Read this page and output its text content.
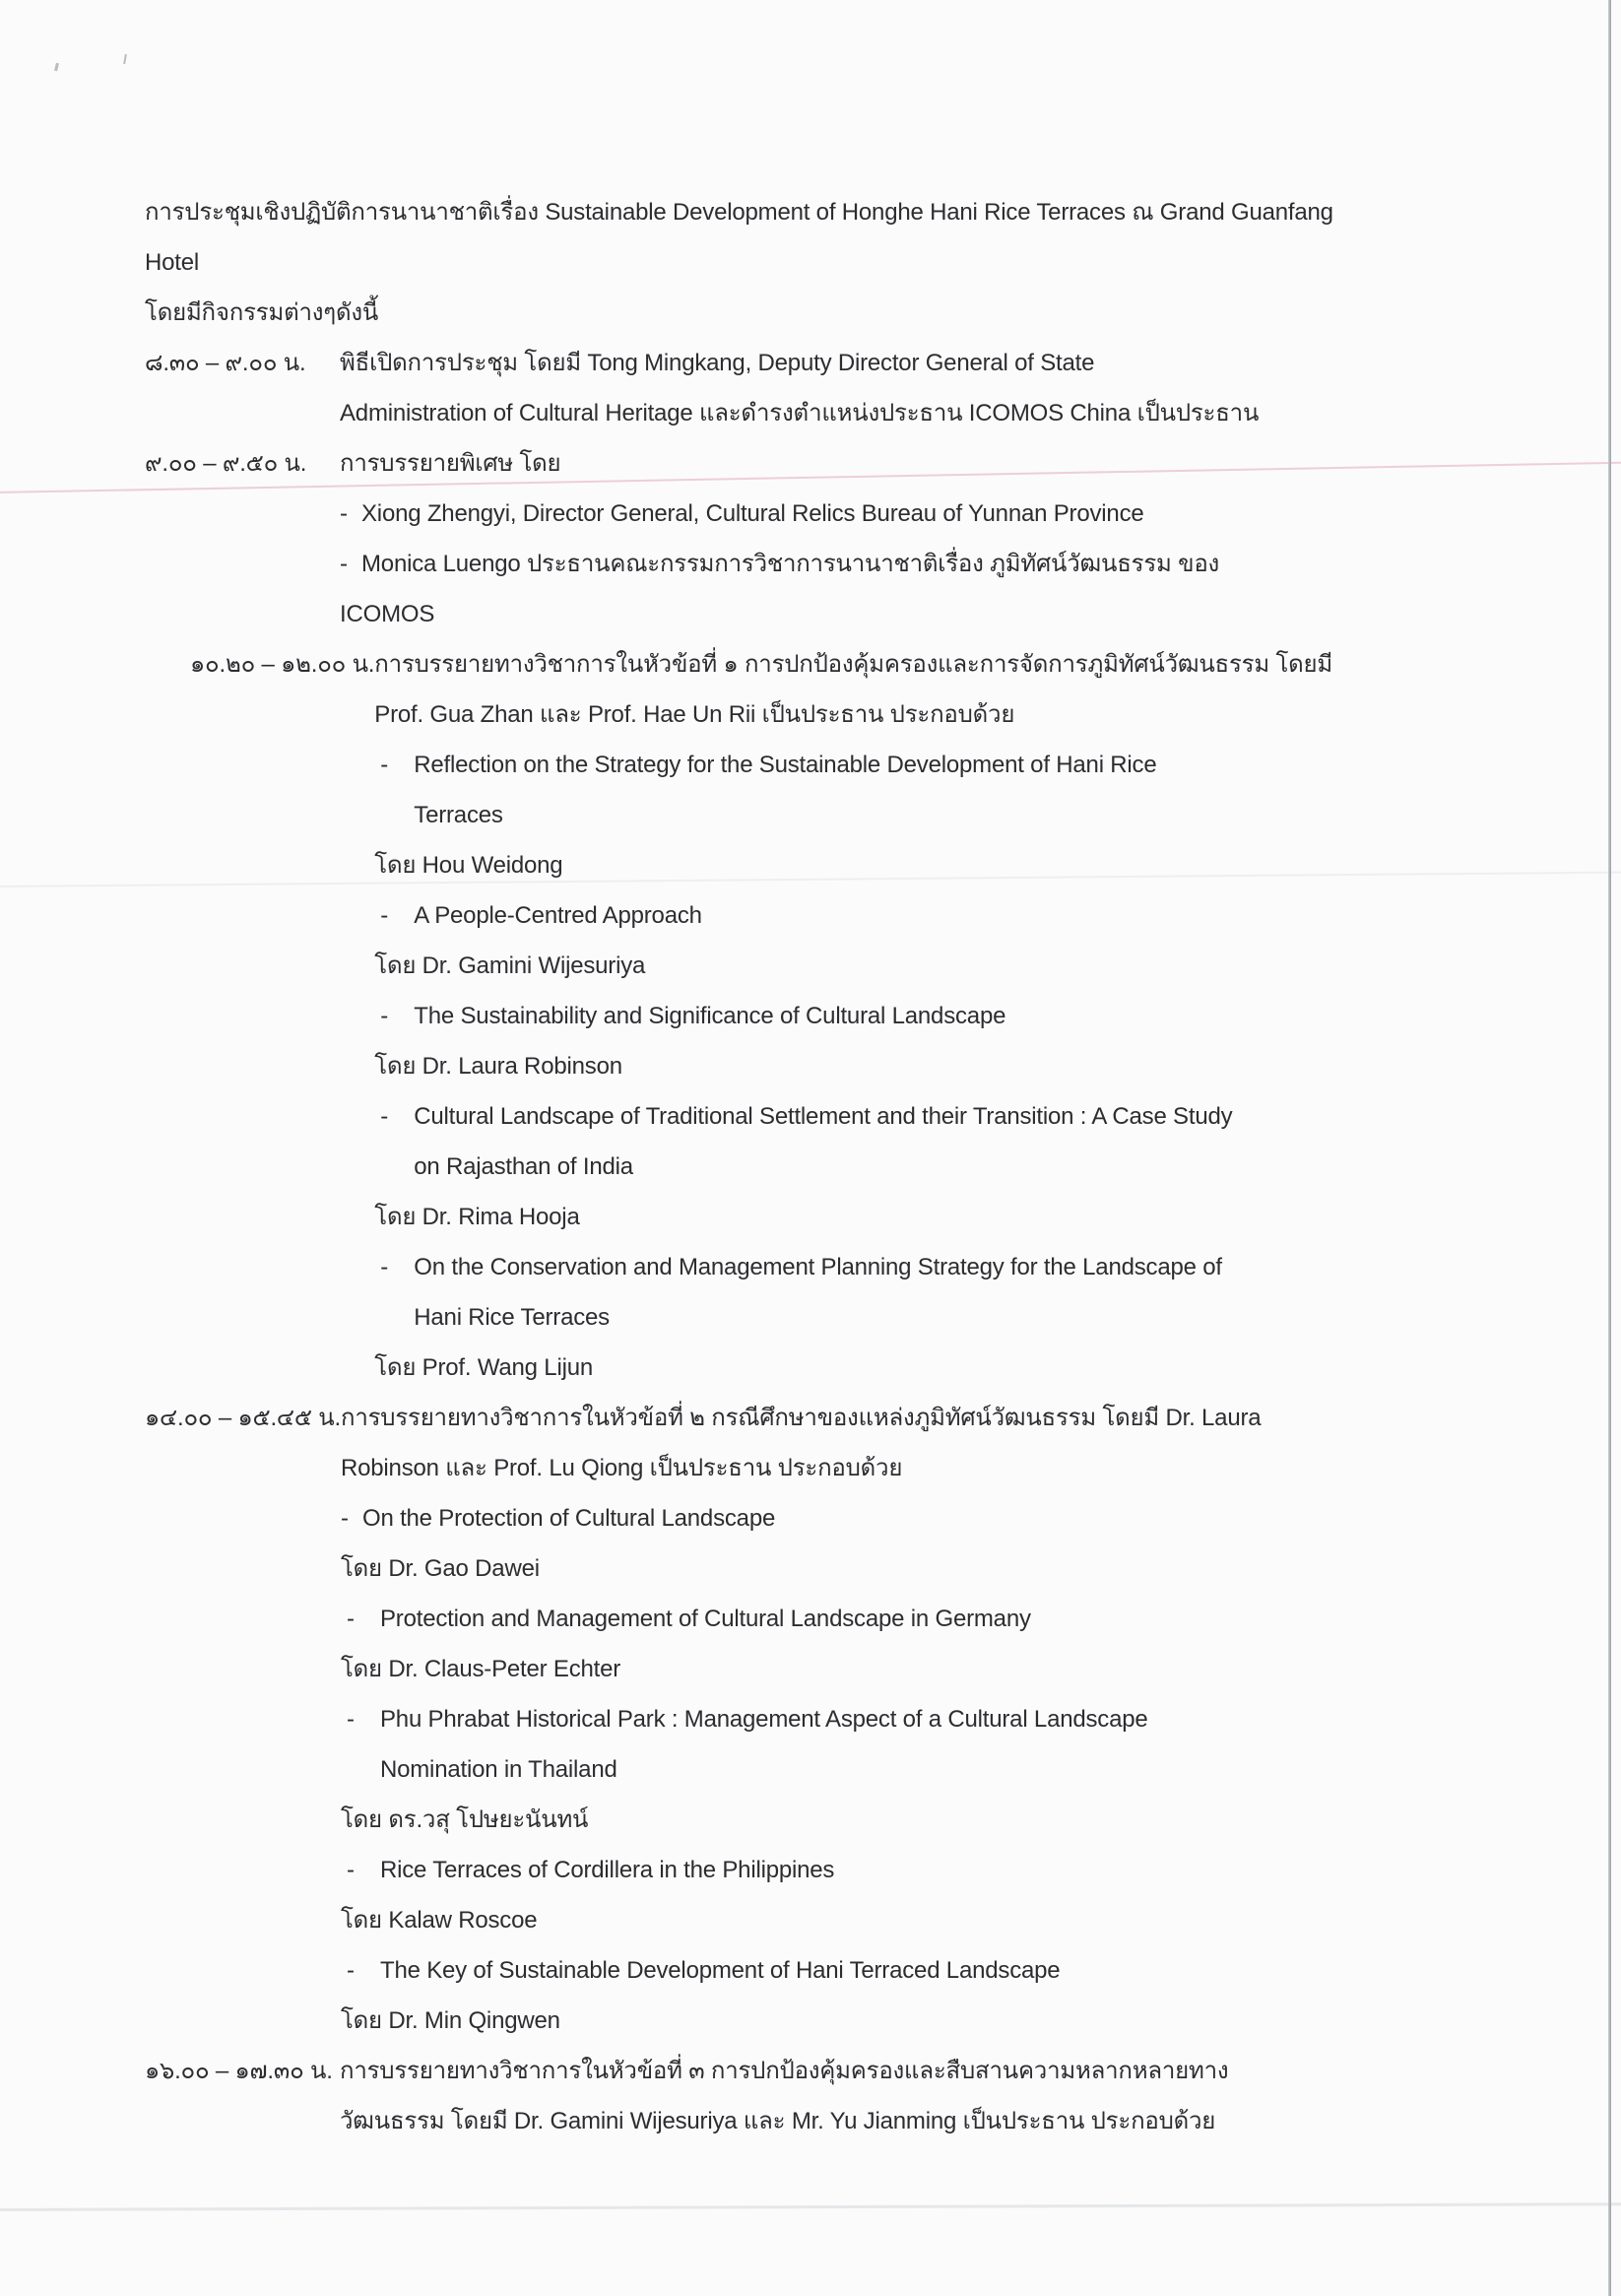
การประชุมเชิงปฏิบัติการนานาชาติเรื่อง Sustainable Development of Honghe Hani Rice Terraces ณ Grand Guanfang
Hotel
โดยมีกิจกรรมต่างๆดังนี้
๘.๓๐ – ๙.๐๐ น.	พิธีเปิดการประชุม โดยมี Tong Mingkang, Deputy Director General of State
Administration of Cultural Heritage และดำรงตำแหน่งประธาน ICOMOS China เป็นประธาน
๙.๐๐ – ๙.๕๐ น.	การบรรยายพิเศษ โดย
- Xiong Zhengyi, Director General, Cultural Relics Bureau of Yunnan Province
- Monica Luengo ประธานคณะกรรมการวิชาการนานาชาติเรื่อง ภูมิทัศน์วัฒนธรรม ของ
ICOMOS
๑๐.๒๐ – ๑๒.๐๐ น. การบรรยายทางวิชาการในหัวข้อที่ ๑ การปกป้องคุ้มครองและการจัดการภูมิทัศน์วัฒนธรรม โดยมี
Prof. Gua Zhan และ Prof. Hae Un Rii เป็นประธาน ประกอบด้วย
-	Reflection on the Strategy for the Sustainable Development of Hani Rice
Terraces
โดย Hou Weidong
-	A People-Centred Approach
โดย Dr. Gamini Wijesuriya
-	The Sustainability and Significance of Cultural Landscape
โดย Dr. Laura Robinson
-	Cultural Landscape of Traditional Settlement and their Transition : A Case Study
on Rajasthan of India
โดย Dr. Rima Hooja
-	On the Conservation and Management Planning Strategy for the Landscape of
Hani Rice Terraces
โดย Prof. Wang Lijun
๑๔.๐๐ – ๑๕.๔๕ น. การบรรยายทางวิชาการในหัวข้อที่ ๒ กรณีศึกษาของแหล่งภูมิทัศน์วัฒนธรรม โดยมี Dr. Laura
Robinson และ Prof. Lu Qiong เป็นประธาน ประกอบด้วย
- On the Protection of Cultural Landscape
โดย Dr. Gao Dawei
-	Protection and Management of Cultural Landscape in Germany
โดย Dr. Claus-Peter Echter
-	Phu Phrabat Historical Park : Management Aspect of a Cultural Landscape
Nomination in Thailand
โดย ดร.วสุ โปษยะนันทน์
-	Rice Terraces of Cordillera in the Philippines
โดย Kalaw Roscoe
-	The Key of Sustainable Development of Hani Terraced Landscape
โดย Dr. Min Qingwen
๑๖.๐๐ – ๑๗.๓๐ น. การบรรยายทางวิชาการในหัวข้อที่ ๓ การปกป้องคุ้มครองและสืบสานความหลากหลายทาง
วัฒนธรรม โดยมี Dr. Gamini Wijesuriya และ Mr. Yu Jianming เป็นประธาน ประกอบด้วย
